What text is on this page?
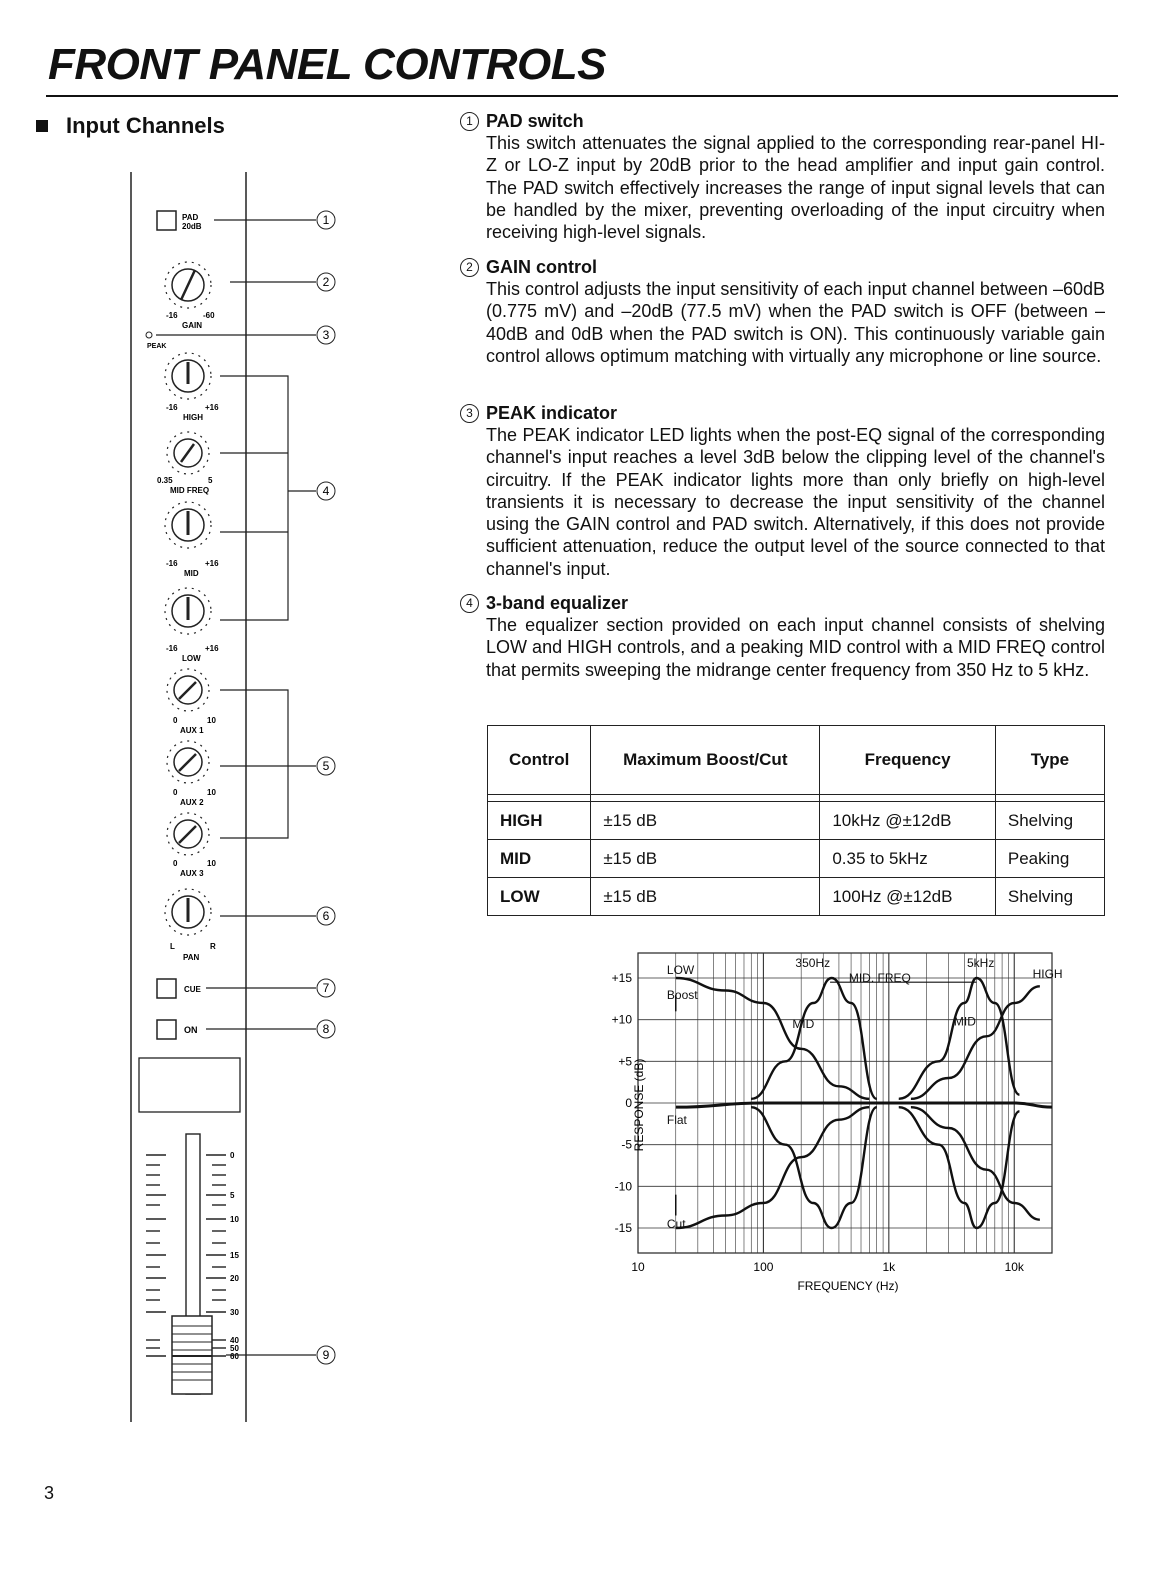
FRONT PANEL CONTROLS
Input Channels
PAD
20dB
-16	-60
GAIN
PEAK
-16	+16
HIGH
0.35	5
MID FREQ
-16	+16
MID
-16	+16
LOW
0	10
AUX 1
0	10
AUX 2
0	10
AUX 3
L	R
PAN
CUE
ON
0
5
10
15
20
30
40
50
60
1
2
3
4
5
6
7
8
9
1 PAD switch

This switch attenuates the signal applied to the corresponding rear-panel HI-Z or LO-Z input by 20dB prior to the head amplifier and input gain control. The PAD switch effectively increases the range of input signal levels that can be handled by the mixer, preventing overloading of the input circuitry when receiving high-level signals.

2 GAIN control

This control adjusts the input sensitivity of each input channel between –60dB (0.775 mV) and –20dB (77.5 mV) when the PAD switch is OFF (between –40dB and 0dB when the PAD switch is ON). This continuously variable gain control allows optimum matching with virtually any microphone or line source.

3 PEAK indicator

The PEAK indicator LED lights when the post-EQ signal of the corresponding channel's input reaches a level 3dB below the clipping level of the channel's circuitry. If the PEAK indicator lights more than only briefly on high-level transients it is necessary to decrease the input sensitivity of the channel using the GAIN control and PAD switch. Alternatively, if this does not provide sufficient attenuation, reduce the output level of the source connected to that channel's input.

4 3-band equalizer

The equalizer section provided on each input channel consists of shelving LOW and HIGH controls, and a peaking MID control with a MID FREQ control that permits sweeping the midrange center frequency from 350 Hz to 5 kHz.

Control	Maximum Boost/Cut	Frequency	Type

HIGH	±15 dB	10kHz @±12dB	Shelving
MID	±15 dB	0.35 to 5kHz	Peaking
LOW	±15 dB	100Hz @±12dB	Shelving
LOW
Boost
350Hz
MID. FREQ
5kHz
HIGH
MID	MID
Flat
Cut
+15
+10
+5
0
-5
-10
-15
10	100	1k	10k
RESPONSE (dB)
FREQUENCY (Hz)
3
